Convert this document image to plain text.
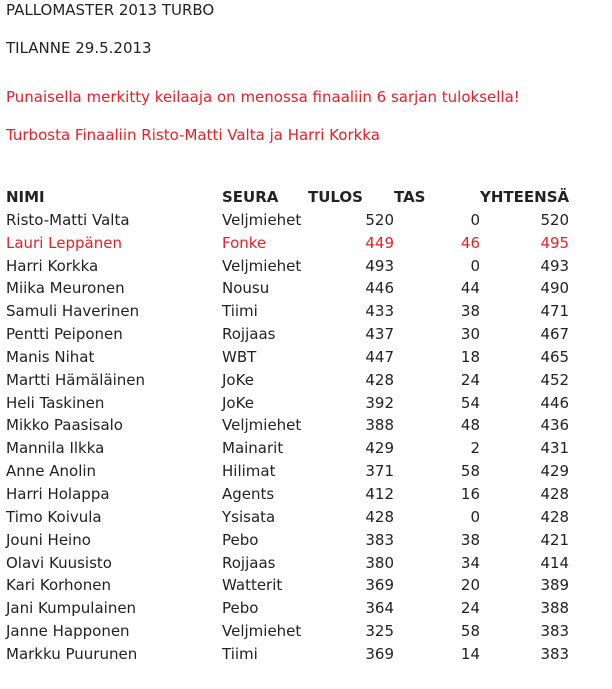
PALLOMASTER 2013 TURBO
TILANNE 29.5.2013
Punaisella merkitty keilaaja on menossa finaaliin 6 sarjan tuloksella!
Turbosta Finaaliin Risto-Matti Valta ja Harri Korkka
NIMI	SEURA	TULOS	TAS	YHTEENSÄ
Risto-Matti Valta	Veljmiehet	520	0	520
Lauri Leppänen	Fonke	449	46	495
Harri Korkka	Veljmiehet	493	0	493
Miika Meuronen	Nousu	446	44	490
Samuli Haverinen	Tiimi	433	38	471
Pentti Peiponen	Rojjaas	437	30	467
Manis Nihat	WBT	447	18	465
Martti Hämäläinen	JoKe	428	24	452
Heli Taskinen	JoKe	392	54	446
Mikko Paasisalo	Veljmiehet	388	48	436
Mannila Ilkka	Mainarit	429	2	431
Anne Anolin	Hilimat	371	58	429
Harri Holappa	Agents	412	16	428
Timo Koivula	Ysisata	428	0	428
Jouni Heino	Pebo	383	38	421
Olavi Kuusisto	Rojjaas	380	34	414
Kari Korhonen	Watterit	369	20	389
Jani Kumpulainen	Pebo	364	24	388
Janne Happonen	Veljmiehet	325	58	383
Markku Puurunen	Tiimi	369	14	383
